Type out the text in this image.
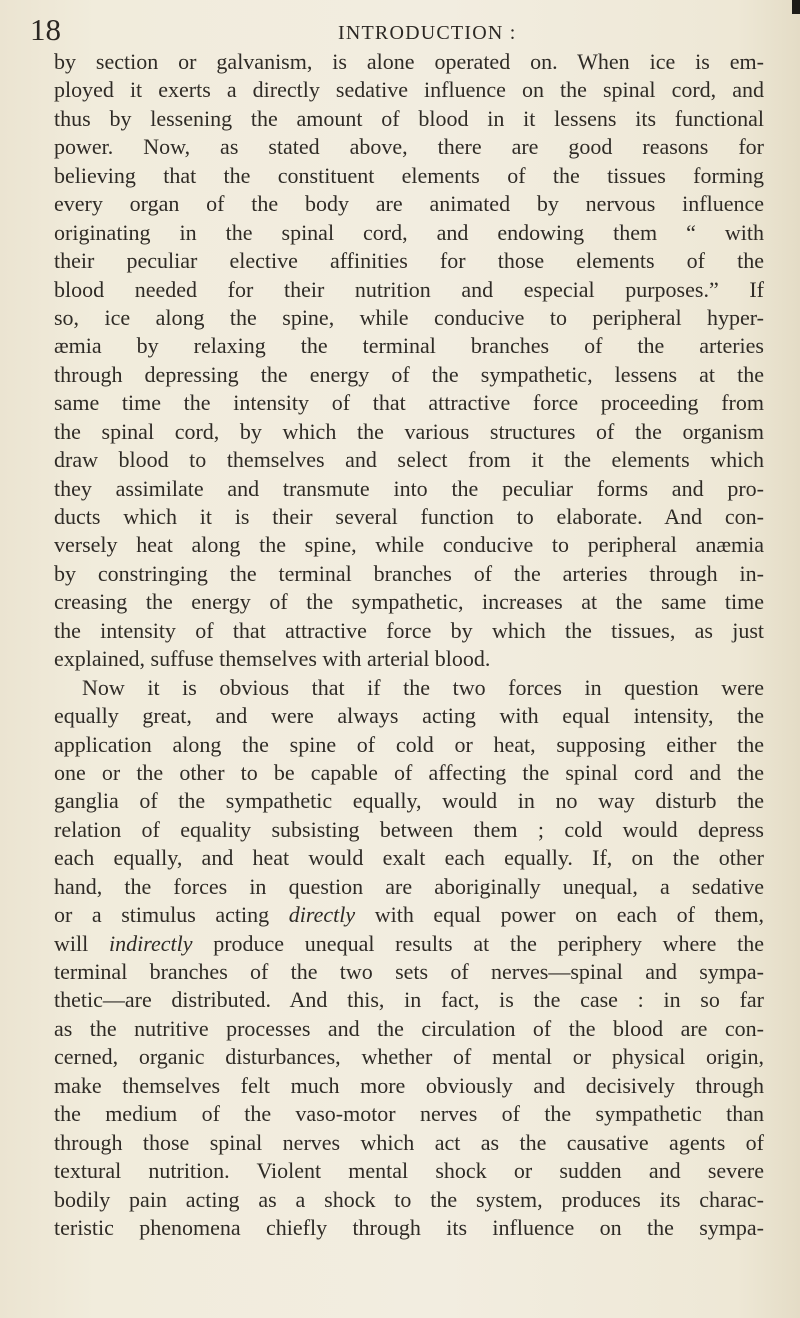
18	INTRODUCTION :
by section or galvanism, is alone operated on. When ice is em-
ployed it exerts a directly sedative influence on the spinal cord, and
thus by lessening the amount of blood in it lessens its functional
power. Now, as stated above, there are good reasons for
believing that the constituent elements of the tissues forming
every organ of the body are animated by nervous influence
originating in the spinal cord, and endowing them “ with
their peculiar elective affinities for those elements of the
blood needed for their nutrition and especial purposes.” If
so, ice along the spine, while conducive to peripheral hyper-
æmia by relaxing the terminal branches of the arteries
through depressing the energy of the sympathetic, lessens at the
same time the intensity of that attractive force proceeding from
the spinal cord, by which the various structures of the organism
draw blood to themselves and select from it the elements which
they assimilate and transmute into the peculiar forms and pro-
ducts which it is their several function to elaborate. And con-
versely heat along the spine, while conducive to peripheral anæmia
by constringing the terminal branches of the arteries through in-
creasing the energy of the sympathetic, increases at the same time
the intensity of that attractive force by which the tissues, as just
explained, suffuse themselves with arterial blood.
Now it is obvious that if the two forces in question were
equally great, and were always acting with equal intensity, the
application along the spine of cold or heat, supposing either the
one or the other to be capable of affecting the spinal cord and the
ganglia of the sympathetic equally, would in no way disturb the
relation of equality subsisting between them ; cold would depress
each equally, and heat would exalt each equally. If, on the other
hand, the forces in question are aboriginally unequal, a sedative
or a stimulus acting directly with equal power on each of them,
will indirectly produce unequal results at the periphery where the
terminal branches of the two sets of nerves—spinal and sympa-
thetic—are distributed. And this, in fact, is the case : in so far
as the nutritive processes and the circulation of the blood are con-
cerned, organic disturbances, whether of mental or physical origin,
make themselves felt much more obviously and decisively through
the medium of the vaso-motor nerves of the sympathetic than
through those spinal nerves which act as the causative agents of
textural nutrition. Violent mental shock or sudden and severe
bodily pain acting as a shock to the system, produces its charac-
teristic phenomena chiefly through its influence on the sympa-
